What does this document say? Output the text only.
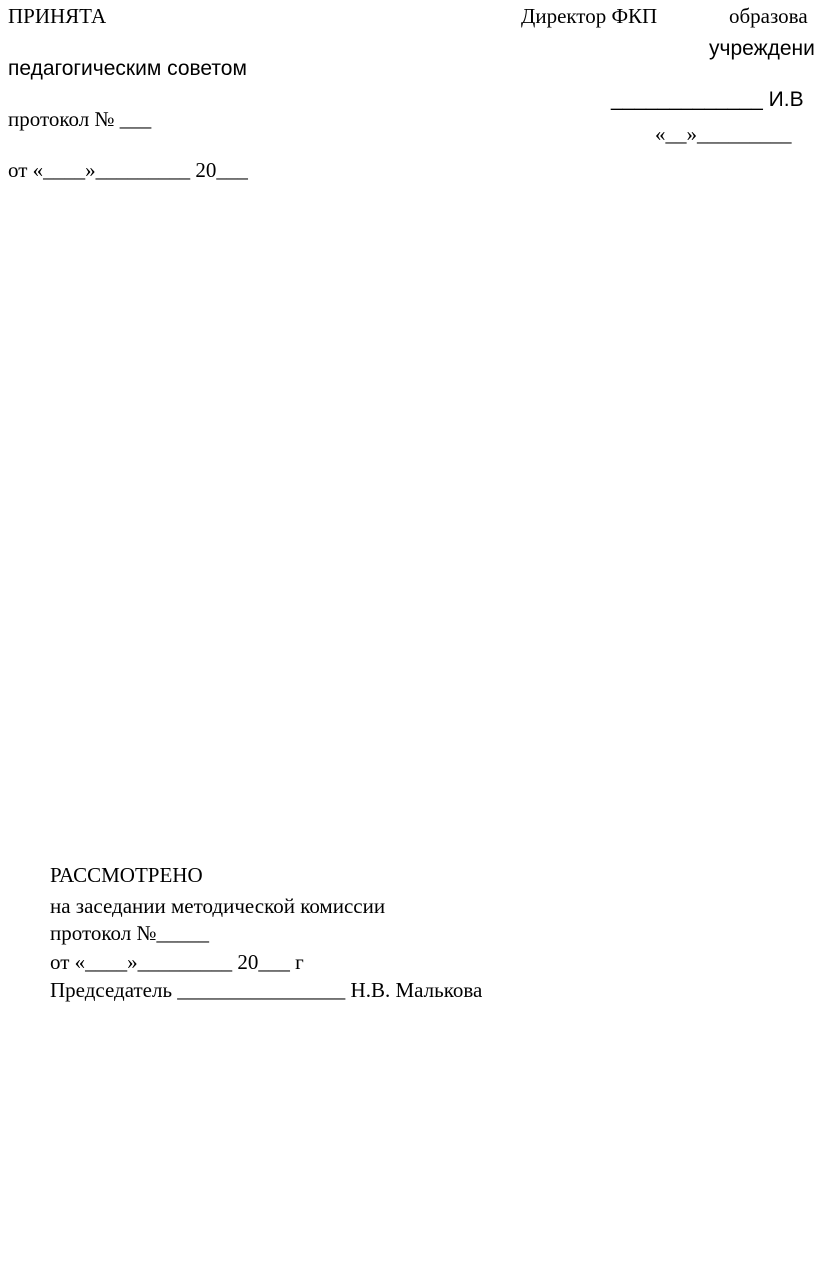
ПРИНЯТА

педагогическим советом

протокол № ___

от «____»_________ 20___

Директор ФКП	образова

учреждени

_____________ И.В

«__»_________

РАССМОТРЕНО

на заседании методической комиссии

протокол №_____

от «____»_________ 20___ г

Председатель ________________ Н.В. Малькова
